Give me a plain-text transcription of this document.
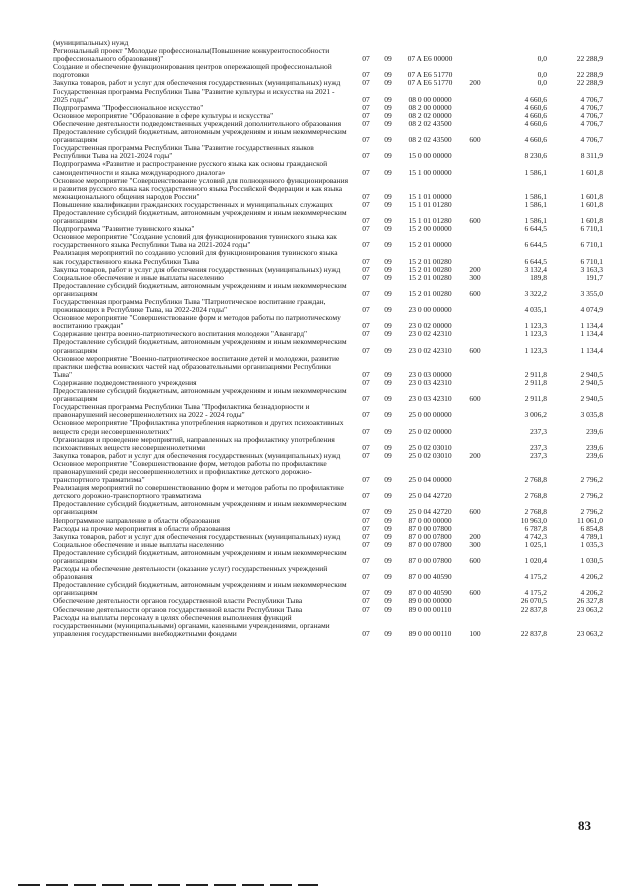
(муниципальных) нужд						
Региональный проект "Молодые профессионалы(Повышение конкурентоспособности профессионального образования)"	07	09	07 A E6 00000		0,0	22 288,9
Создание и обеспечение функционирования центров опережающей профессиональной подготовки	07	09	07 A E6 51770		0,0	22 288,9
Закупка товаров, работ и услуг для обеспечения государственных (муниципальных) нужд	07	09	07 A E6 51770	200	0,0	22 288,9
Государственная программа Республики Тыва "Развитие культуры и искусства на 2021 - 2025 годы"	07	09	08 0 00 00000		4 660,6	4 706,7
Подпрограмма "Профессиональное искусство"	07	09	08 2 00 00000		4 660,6	4 706,7
Основное мероприятие "Образование в сфере культуры и искусства"	07	09	08 2 02 00000		4 660,6	4 706,7
Обеспечение деятельности подведомственных учреждений дополнительного образования	07	09	08 2 02 43500		4 660,6	4 706,7
Предоставление субсидий бюджетным, автономным учреждениям и иным некоммерческим организациям	07	09	08 2 02 43500	600	4 660,6	4 706,7
Государственная программа Республики Тыва "Развитие государственных языков Республики Тыва на 2021-2024 годы"	07	09	15 0 00 00000		8 230,6	8 311,9
Подпрограмма «Развитие и распространение русского языка как основы гражданской самоидентичности и языка международного диалога»	07	09	15 1 00 00000		1 586,1	1 601,8
Основное мероприятие "Совершенствование условий для полноценного функционирования и развития русского языка как государственного языка Российской Федерации и как языка межнационального общения народов России"	07	09	15 1 01 00000		1 586,1	1 601,8
Повышение квалификации гражданских государственных и муниципальных служащих	07	09	15 1 01 01280		1 586,1	1 601,8
Предоставление субсидий бюджетным, автономным учреждениям и иным некоммерческим организациям	07	09	15 1 01 01280	600	1 586,1	1 601,8
Подпрограмма "Развитие тувинского языка"	07	09	15 2 00 00000		6 644,5	6 710,1
Основное мероприятие "Создание условий для функционирования тувинского языка как государственного языка Республики Тыва на 2021-2024 годы"	07	09	15 2 01 00000		6 644,5	6 710,1
Реализация мероприятий по созданию условий для функционирования тувинского языка как государственного языка Республики Тыва	07	09	15 2 01 00280		6 644,5	6 710,1
Закупка товаров, работ и услуг для обеспечения государственных (муниципальных) нужд	07	09	15 2 01 00280	200	3 132,4	3 163,3
Социальное обеспечение и иные выплаты населению	07	09	15 2 01 00280	300	189,8	191,7
Предоставление субсидий бюджетным, автономным учреждениям и иным некоммерческим организациям	07	09	15 2 01 00280	600	3 322,2	3 355,0
Государственная программа Республики Тыва "Патриотическое воспитание граждан, проживающих в Республике Тыва, на 2022-2024 годы"	07	09	23 0 00 00000		4 035,1	4 074,9
Основное мероприятие "Совершенствование форм и методов работы по патриотическому воспитанию граждан"	07	09	23 0 02 00000		1 123,3	1 134,4
Содержание центра военно-патриотического воспитания молодежи "Авангард"	07	09	23 0 02 42310		1 123,3	1 134,4
Предоставление субсидий бюджетным, автономным учреждениям и иным некоммерческим организациям	07	09	23 0 02 42310	600	1 123,3	1 134,4
Основное мероприятие "Военно-патриотическое воспитание детей и молодежи, развитие практики шефства воинских частей над образовательными организациями Республики Тыва"	07	09	23 0 03 00000		2 911,8	2 940,5
Содержание подведомственного учреждения	07	09	23 0 03 42310		2 911,8	2 940,5
Предоставление субсидий бюджетным, автономным учреждениям и иным некоммерческим организациям	07	09	23 0 03 42310	600	2 911,8	2 940,5
Государственная программа Республики Тыва "Профилактика безнадзорности и правонарушений несовершеннолетних на 2022 - 2024 годы"	07	09	25 0 00 00000		3 006,2	3 035,8
Основное мероприятие "Профилактика употребления наркотиков и других психоактивных веществ среди несовершеннолетних"	07	09	25 0 02 00000		237,3	239,6
Организация и проведение мероприятий, направленных на профилактику употребления психоактивных веществ несовершеннолетними	07	09	25 0 02 03010		237,3	239,6
Закупка товаров, работ и услуг для обеспечения государственных (муниципальных) нужд	07	09	25 0 02 03010	200	237,3	239,6
Основное мероприятие "Совершенствование форм, методов работы по профилактике правонарушений среди несовершеннолетних и профилактике детского дорожно-транспортного травматизма"	07	09	25 0 04 00000		2 768,8	2 796,2
Реализация мероприятий по совершенствованию форм и методов работы по профилактике детского дорожно-транспортного травматизма	07	09	25 0 04 42720		2 768,8	2 796,2
Предоставление субсидий бюджетным, автономным учреждениям и иным некоммерческим организациям	07	09	25 0 04 42720	600	2 768,8	2 796,2
Непрограммное направление в области образования	07	09	87 0 00 00000		10 963,0	11 061,0
Расходы на прочие мероприятия в области образования	07	09	87 0 00 07800		6 787,8	6 854,8
Закупка товаров, работ и услуг для обеспечения государственных (муниципальных) нужд	07	09	87 0 00 07800	200	4 742,3	4 789,1
Социальное обеспечение и иные выплаты населению	07	09	87 0 00 07800	300	1 025,1	1 035,3
Предоставление субсидий бюджетным, автономным учреждениям и иным некоммерческим организациям	07	09	87 0 00 07800	600	1 020,4	1 030,5
Расходы на обеспечение деятельности (оказание услуг) государственных учреждений образования	07	09	87 0 00 40590		4 175,2	4 206,2
Предоставление субсидий бюджетным, автономным учреждениям и иным некоммерческим организациям	07	09	87 0 00 40590	600	4 175,2	4 206,2
Обеспечение деятельности органов государственной власти Республики Тыва	07	09	89 0 00 00000		26 070,5	26 327,8
Обеспечение деятельности органов государственной власти Республики Тыва	07	09	89 0 00 00110		22 837,8	23 063,2
Расходы на выплаты персоналу в целях обеспечения выполнения функций государственными (муниципальными) органами, казенными учреждениями, органами управления государственными внебюджетными фондами	07	09	89 0 00 00110	100	22 837,8	23 063,2
83
